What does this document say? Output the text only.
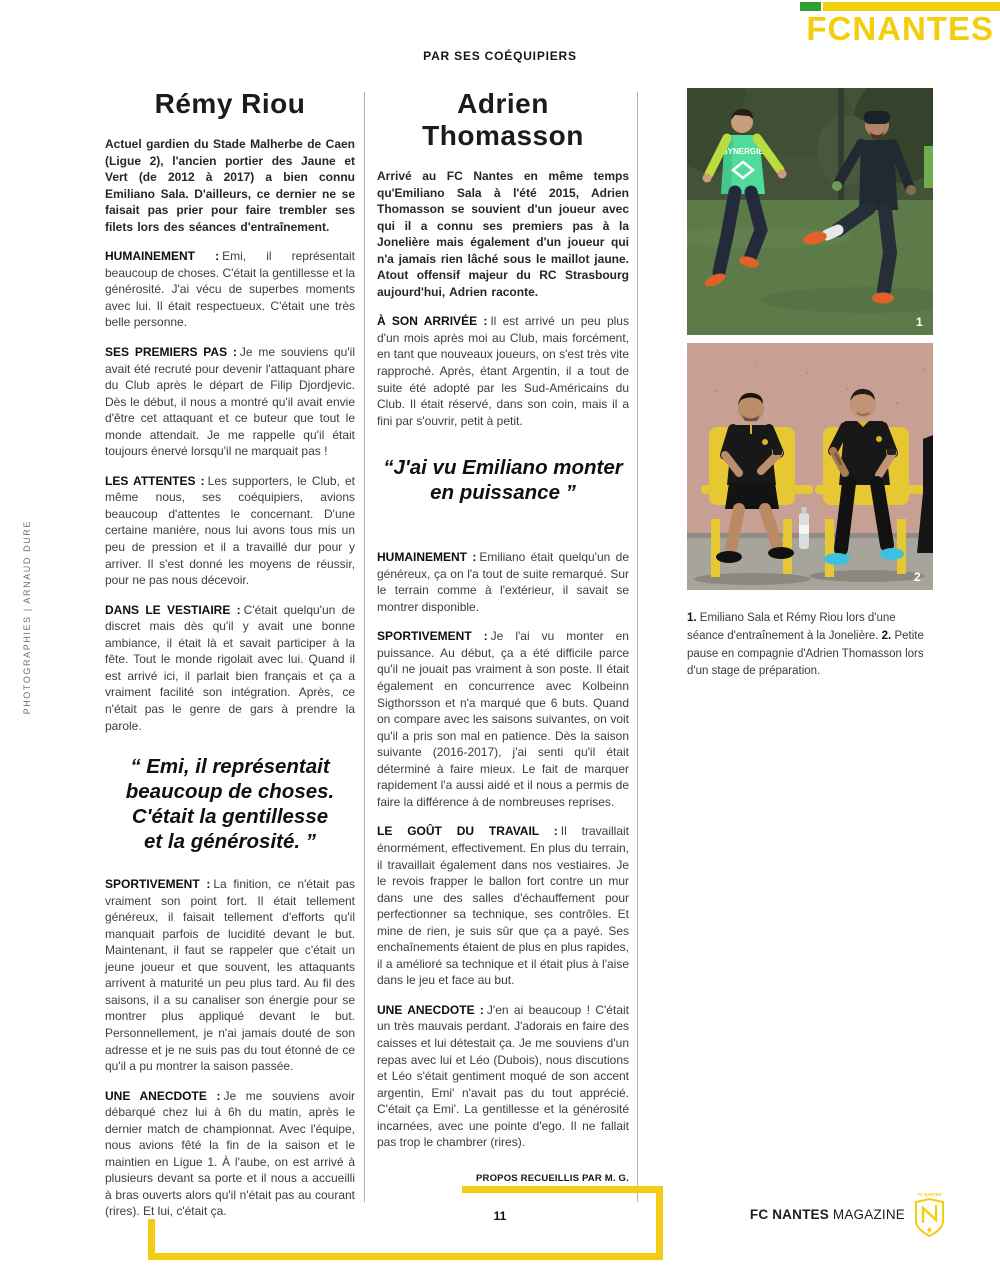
FCNANTES
PAR SES COÉQUIPIERS
Rémy Riou

Actuel gardien du Stade Malherbe de Caen (Ligue 2), l'ancien portier des Jaune et Vert (de 2012 à 2017) a bien connu Emiliano Sala. D'ailleurs, ce dernier ne se faisait pas prier pour faire trembler ses filets lors des séances d'entraînement.

HUMAINEMENT : Emi, il représentait beaucoup de choses. C'était la gentillesse et la générosité. J'ai vécu de superbes moments avec lui. Il était respectueux. C'était une très belle personne.

SES PREMIERS PAS : Je me souviens qu'il avait été recruté pour devenir l'attaquant phare du Club après le départ de Filip Djordjevic. Dès le début, il nous a montré qu'il avait envie d'être cet attaquant et ce buteur que tout le monde attendait. Je me rappelle qu'il était toujours énervé lorsqu'il ne marquait pas !

LES ATTENTES : Les supporters, le Club, et même nous, ses coéquipiers, avions beaucoup d'attentes le concernant. D'une certaine manière, nous lui avons tous mis un peu de pression et il a travaillé dur pour y arriver. Il s'est donné les moyens de réussir, pour ne pas nous décevoir.

DANS LE VESTIAIRE : C'était quelqu'un de discret mais dès qu'il y avait une bonne ambiance, il était là et savait participer à la fête. Tout le monde rigolait avec lui. Quand il est arrivé ici, il parlait bien français et ça a vraiment facilité son intégration. Après, ce n'était pas le genre de gars à prendre la parole.

“ Emi, il représentait beaucoup de choses. C'était la gentillesse et la générosité. ”

SPORTIVEMENT : La finition, ce n'était pas vraiment son point fort. Il était tellement généreux, il faisait tellement d'efforts qu'il manquait parfois de lucidité devant le but. Maintenant, il faut se rappeler que c'était un jeune joueur et que souvent, les attaquants arrivent à maturité un peu plus tard. Au fil des saisons, il a su canaliser son énergie pour se montrer plus appliqué devant le but. Personnellement, je n'ai jamais douté de son adresse et je ne suis pas du tout étonné de ce qu'il a pu montrer la saison passée.

UNE ANECDOTE : Je me souviens avoir débarqué chez lui à 6h du matin, après le dernier match de championnat. Avec l'équipe, nous avions fêté la fin de la saison et le maintien en Ligue 1. À l'aube, on est arrivé à plusieurs devant sa porte et il nous a accueilli à bras ouverts alors qu'il n'était pas au courant (rires). Et lui, c'était ça.

Adrien Thomasson

Arrivé au FC Nantes en même temps qu'Emiliano Sala à l'été 2015, Adrien Thomasson se souvient d'un joueur avec qui il a connu ses premiers pas à la Jonelière mais également d'un joueur qui n'a jamais rien lâché sous le maillot jaune. Atout offensif majeur du RC Strasbourg aujourd'hui, Adrien raconte.

À SON ARRIVÉE : Il est arrivé un peu plus d'un mois après moi au Club, mais forcément, en tant que nouveaux joueurs, on s'est très vite rapproché. Après, étant Argentin, il a tout de suite été adopté par les Sud-Américains du Club. Il était réservé, dans son coin, mais il a fini par s'ouvrir, petit à petit.

“J'ai vu Emiliano monter en puissance ”

HUMAINEMENT : Emiliano était quelqu'un de généreux, ça on l'a tout de suite remarqué. Sur le terrain comme à l'extérieur, il savait se montrer disponible.

SPORTIVEMENT : Je l'ai vu monter en puissance. Au début, ça a été difficile parce qu'il ne jouait pas vraiment à son poste. Il était également en concurrence avec Kolbeinn Sigthorsson et n'a marqué que 6 buts. Quand on compare avec les saisons suivantes, on voit qu'il a pris son mal en patience. Dès la saison suivante (2016-2017), j'ai senti qu'il était déterminé à faire mieux. Le fait de marquer rapidement l'a aussi aidé et il nous a permis de faire la différence à de nombreuses reprises.

LE GOÛT DU TRAVAIL : Il travaillait énormément, effectivement. En plus du terrain, il travaillait également dans nos vestiaires. Je le revois frapper le ballon fort contre un mur dans une des salles d'échauffement pour perfectionner sa technique, ses contrôles. Et mine de rien, je suis sûr que ça a payé. Ses enchaînements étaient de plus en plus rapides, il a amélioré sa technique et il était plus à l'aise dans le jeu et face au but.

UNE ANECDOTE : J'en ai beaucoup ! C'était un très mauvais perdant. J'adorais en faire des caisses et lui détestait ça. Je me souviens d'un repas avec lui et Léo (Dubois), nous discutions et Léo s'était gentiment moqué de son accent argentin, Emi' n'avait pas du tout apprécié. C'était ça Emi'. La gentillesse et la générosité incarnées, avec une pointe d'ego. Il ne fallait pas trop le chambrer (rires).

PROPOS RECUEILLIS PAR M. G.

SYNERGIE
1
2

1. Emiliano Sala et Rémy Riou lors d'une séance d'entraînement à la Jonelière. 2. Petite pause en compagnie d'Adrien Thomasson lors d'un stage de préparation.

PHOTOGRAPHIES | ARNAUD DURE
11	FC NANTES MAGAZINE
FC NANTES
